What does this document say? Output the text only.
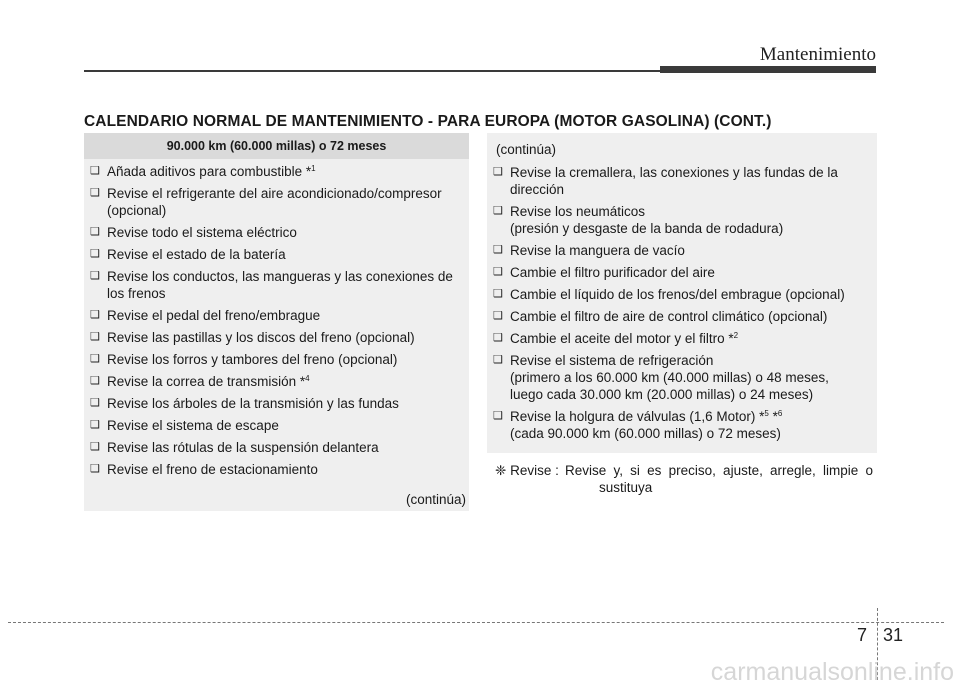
Mantenimiento
CALENDARIO NORMAL DE MANTENIMIENTO - PARA EUROPA (MOTOR GASOLINA) (CONT.)
90.000 km (60.000 millas) o 72 meses
❑ Añada aditivos para combustible *$^1$
❑ Revise el refrigerante del aire acondicionado/compresor (opcional)
❑ Revise todo el sistema eléctrico
❑ Revise el estado de la batería
❑ Revise los conductos, las mangueras y las conexiones de los frenos
❑ Revise el pedal del freno/embrague
❑ Revise las pastillas y los discos del freno (opcional)
❑ Revise los forros y tambores del freno (opcional)
❑ Revise la correa de transmisión *$^4$
❑ Revise los árboles de la transmisión y las fundas
❑ Revise el sistema de escape
❑ Revise las rótulas de la suspensión delantera
❑ Revise el freno de estacionamiento
(continúa)
(continúa)
❑ Revise la cremallera, las conexiones y las fundas de la dirección
❑ Revise los neumáticos
(presión y desgaste de la banda de rodadura)
❑ Revise la manguera de vacío
❑ Cambie el filtro purificador del aire
❑ Cambie el líquido de los frenos/del embrague (opcional)
❑ Cambie el filtro de aire de control climático (opcional)
❑ Cambie el aceite del motor y el filtro *$^2$
❑ Revise el sistema de refrigeración
(primero a los 60.000 km (40.000 millas) o 48 meses,
luego cada 30.000 km (20.000 millas) o 24 meses)
❑ Revise la holgura de válvulas (1,6 Motor) *$^5$ *$^6$
(cada 90.000 km (60.000 millas) o 72 meses)
❈ Revise : Revise y, si es preciso, ajuste, arregle, limpie o
sustituya
7 31
carmanualsonline.info
